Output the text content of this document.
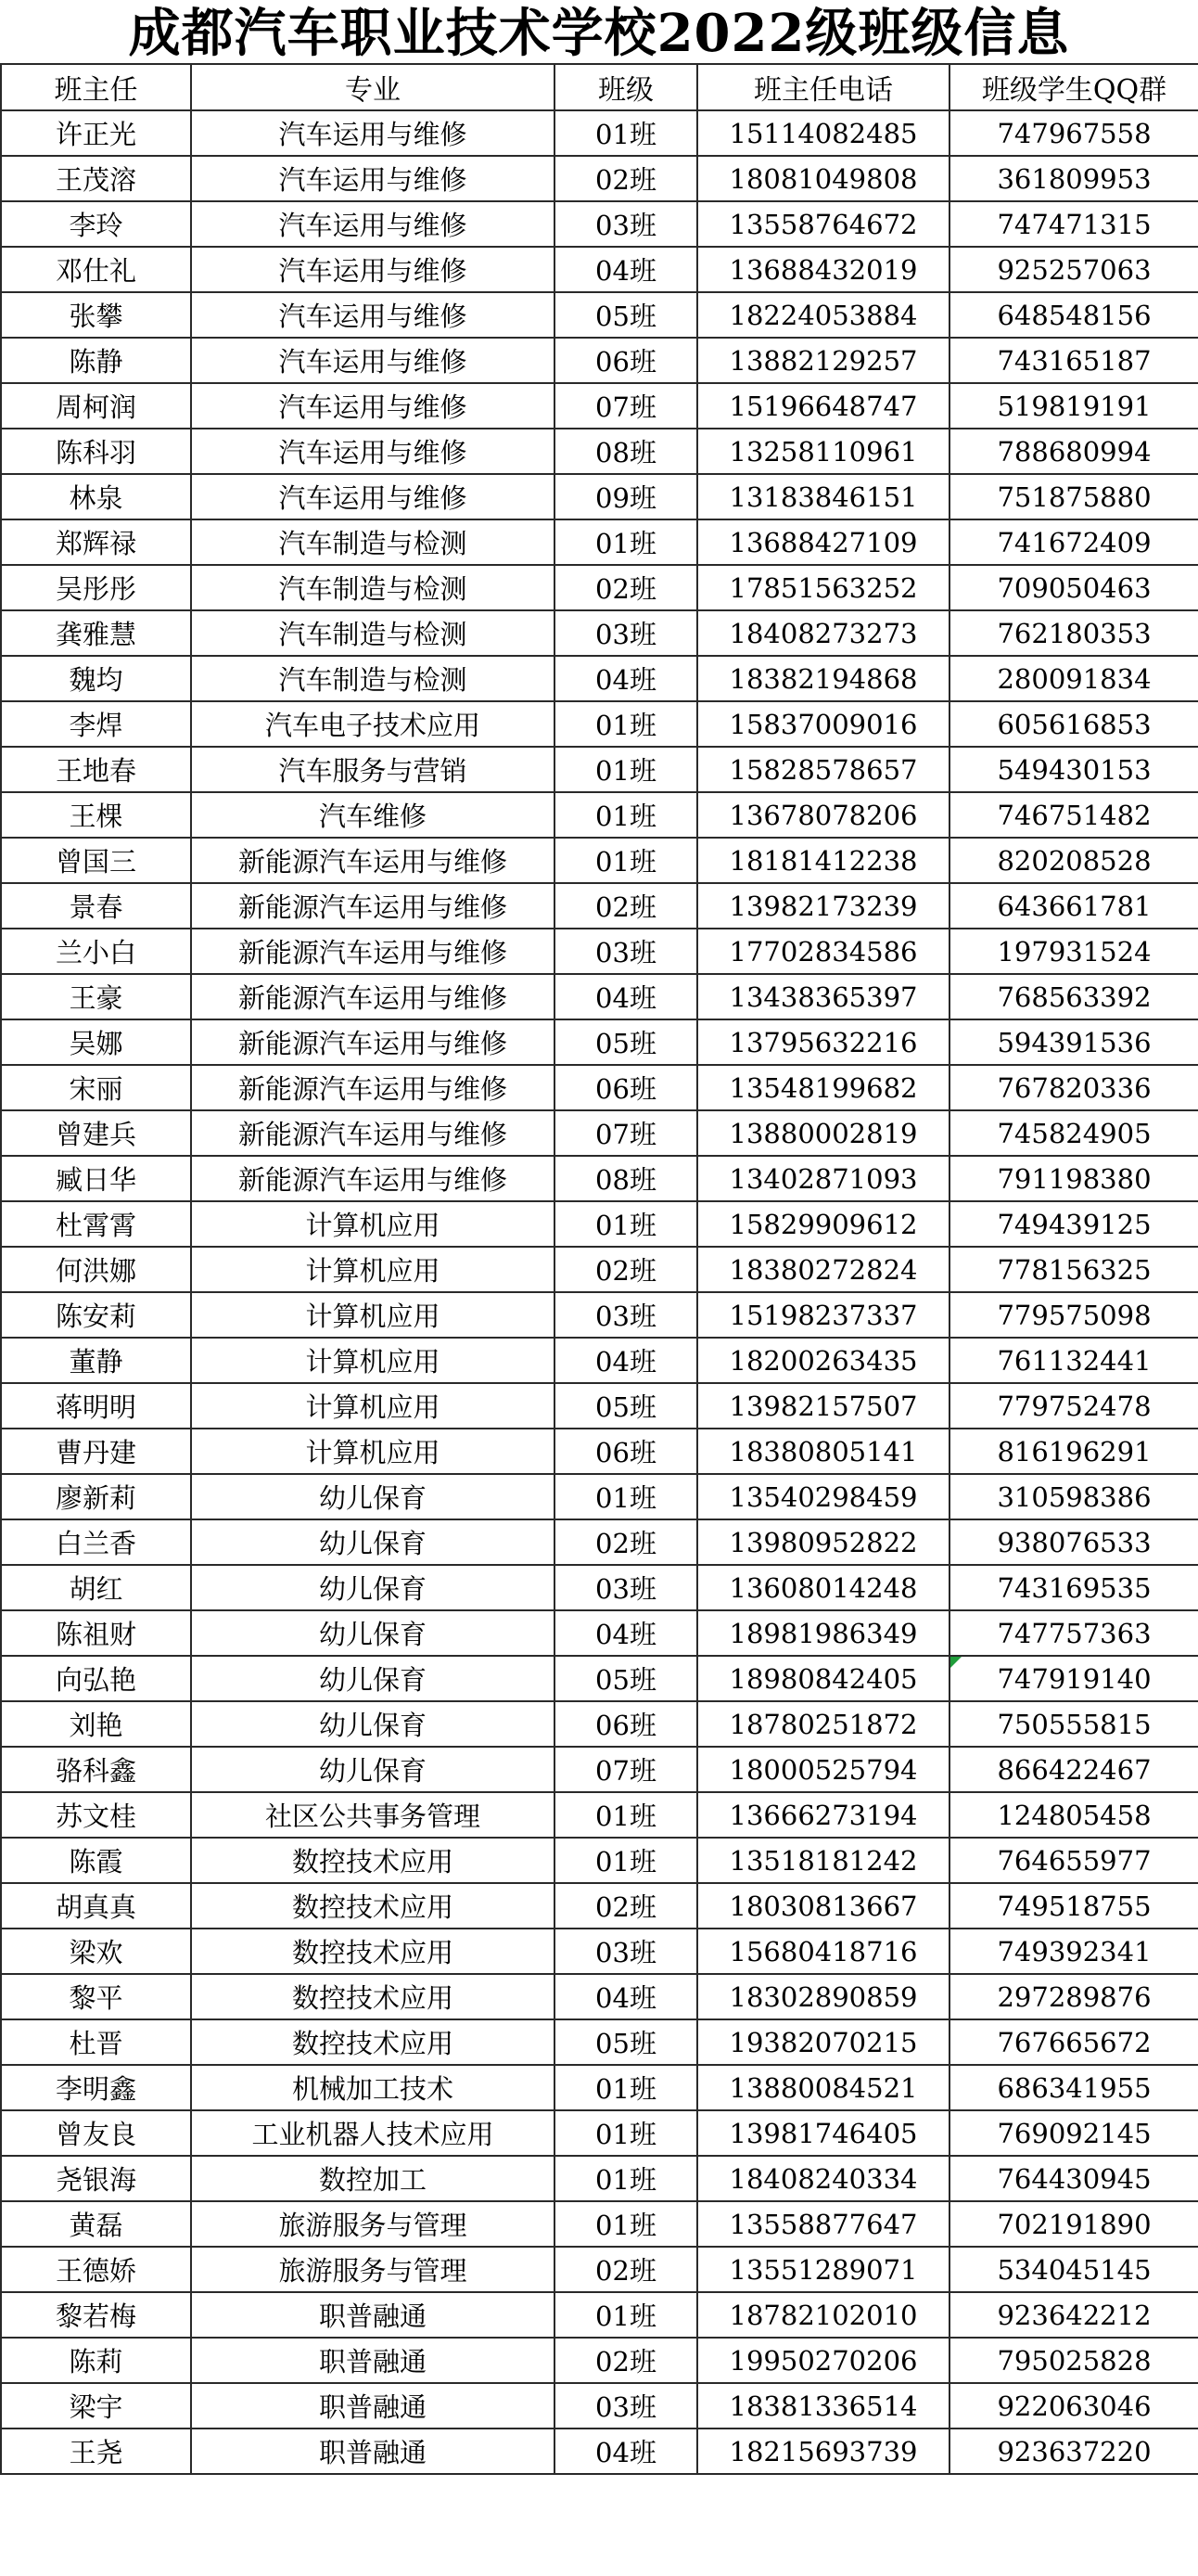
成都汽车职业技术学校2022级班级信息
班主任	专业	班级	班主任电话	班级学生QQ群
许正光	汽车运用与维修	01班	15114082485	747967558
王茂溶	汽车运用与维修	02班	18081049808	361809953
李玲	汽车运用与维修	03班	13558764672	747471315
邓仕礼	汽车运用与维修	04班	13688432019	925257063
张攀	汽车运用与维修	05班	18224053884	648548156
陈静	汽车运用与维修	06班	13882129257	743165187
周柯润	汽车运用与维修	07班	15196648747	519819191
陈科羽	汽车运用与维修	08班	13258110961	788680994
林泉	汽车运用与维修	09班	13183846151	751875880
郑辉禄	汽车制造与检测	01班	13688427109	741672409
吴彤彤	汽车制造与检测	02班	17851563252	709050463
龚雅慧	汽车制造与检测	03班	18408273273	762180353
魏均	汽车制造与检测	04班	18382194868	280091834
李焊	汽车电子技术应用	01班	15837009016	605616853
王地春	汽车服务与营销	01班	15828578657	549430153
王棵	汽车维修	01班	13678078206	746751482
曾国三	新能源汽车运用与维修	01班	18181412238	820208528
景春	新能源汽车运用与维修	02班	13982173239	643661781
兰小白	新能源汽车运用与维修	03班	17702834586	197931524
王豪	新能源汽车运用与维修	04班	13438365397	768563392
吴娜	新能源汽车运用与维修	05班	13795632216	594391536
宋丽	新能源汽车运用与维修	06班	13548199682	767820336
曾建兵	新能源汽车运用与维修	07班	13880002819	745824905
臧日华	新能源汽车运用与维修	08班	13402871093	791198380
杜霄霄	计算机应用	01班	15829909612	749439125
何洪娜	计算机应用	02班	18380272824	778156325
陈安莉	计算机应用	03班	15198237337	779575098
董静	计算机应用	04班	18200263435	761132441
蒋明明	计算机应用	05班	13982157507	779752478
曹丹建	计算机应用	06班	18380805141	816196291
廖新莉	幼儿保育	01班	13540298459	310598386
白兰香	幼儿保育	02班	13980952822	938076533
胡红	幼儿保育	03班	13608014248	743169535
陈祖财	幼儿保育	04班	18981986349	747757363
向弘艳	幼儿保育	05班	18980842405	747919140
刘艳	幼儿保育	06班	18780251872	750555815
骆科鑫	幼儿保育	07班	18000525794	866422467
苏文桂	社区公共事务管理	01班	13666273194	124805458
陈霞	数控技术应用	01班	13518181242	764655977
胡真真	数控技术应用	02班	18030813667	749518755
梁欢	数控技术应用	03班	15680418716	749392341
黎平	数控技术应用	04班	18302890859	297289876
杜晋	数控技术应用	05班	19382070215	767665672
李明鑫	机械加工技术	01班	13880084521	686341955
曾友良	工业机器人技术应用	01班	13981746405	769092145
尧银海	数控加工	01班	18408240334	764430945
黄磊	旅游服务与管理	01班	13558877647	702191890
王德娇	旅游服务与管理	02班	13551289071	534045145
黎若梅	职普融通	01班	18782102010	923642212
陈莉	职普融通	02班	19950270206	795025828
梁宇	职普融通	03班	18381336514	922063046
王尧	职普融通	04班	18215693739	923637220
